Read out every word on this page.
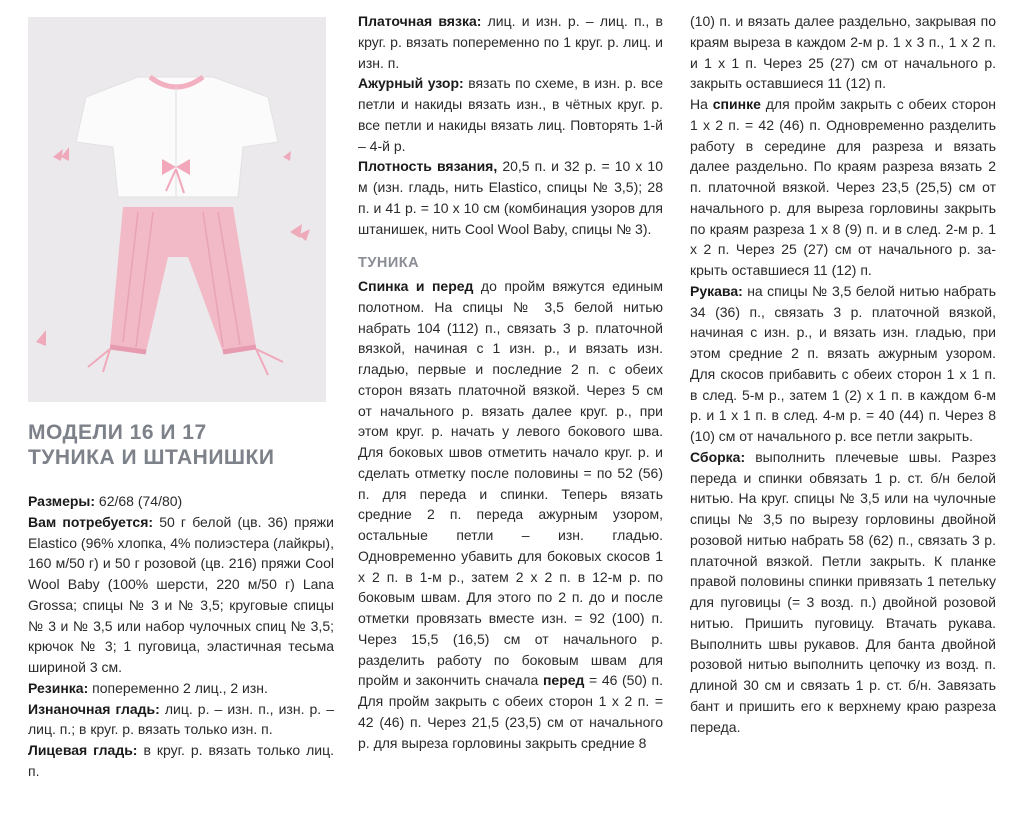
МОДЕЛИ 16 И 17
ТУНИКА И ШТАНИШКИ

Размеры: 62/68 (74/80)

Вам потребуется: 50 г белой (цв. 36) пряжи Elastico (96% хлопка, 4% полиэстера (лайкры), 160 м/50 г) и 50 г розовой (цв. 216) пряжи Cool Wool Baby (100% шерсти, 220 м/50 г) Lana Grossa; спицы № 3 и № 3,5; круговые спицы № 3 и № 3,5 или набор чулочных спиц № 3,5; крючок № 3; 1 пуговица, эластичная тесьма шириной 3 см.

Резинка: попеременно 2 лиц., 2 изн.

Изнаночная гладь: лиц. р. – изн. п., изн. р. – лиц. п.; в круг. р. вязать только изн. п.

Лицевая гладь: в круг. р. вязать только лиц. п.

Платочная вязка: лиц. и изн. р. – лиц. п., в круг. р. вязать попеременно по 1 круг. р. лиц. и изн. п.

Ажурный узор: вязать по схеме, в изн. р. все петли и накиды вязать изн., в чётных круг. р. все петли и накиды вязать лиц. Повторять 1-й – 4-й р.

Плотность вязания, 20,5 п. и 32 р. = 10 х 10 м (изн. гладь, нить Elastico, спицы № 3,5); 28 п. и 41 р. = 10 х 10 см (комбинация узоров для штанишек, нить Cool Wool Baby, спицы № 3).

ТУНИКА

Спинка и перед до пройм вяжутся единым полотном. На спицы № 3,5 белой нитью набрать 104 (112) п., связать 3 р. платочной вязкой, начиная с 1 изн. р., и вязать изн. гладью, первые и последние 2 п. с обеих сторон вязать платочной вязкой. Через 5 см от начального р. вязать далее круг. р., при этом круг. р. начать у левого бокового шва. Для боковых швов отметить начало круг. р. и сделать отметку после половины = по 52 (56) п. для переда и спинки. Теперь вязать средние 2 п. переда ажурным узором, остальные петли – изн. гладью. Одновременно убавить для боковых скосов 1 х 2 п. в 1-м р., затем 2 х 2 п. в 12-м р. по боковым швам. Для этого по 2 п. до и после отметки провязать вместе изн. = 92 (100) п. Через 15,5 (16,5) см от начального р. разделить работу по боковым швам для пройм и закончить сначала перед = 46 (50) п. Для пройм закрыть с обеих сторон 1 х 2 п. = 42 (46) п. Через 21,5 (23,5) см от начального р. для выреза горловины закрыть средние 8

(10) п. и вязать далее раздельно, закрывая по краям выреза в каждом 2-м р. 1 х 3 п., 1 х 2 п. и 1 х 1 п. Через 25 (27) см от начального р. закрыть оставшиеся 11 (12) п.

На спинке для пройм закрыть с обеих сторон 1 х 2 п. = 42 (46) п. Одновременно разделить работу в середине для разреза и вязать далее раздельно. По краям разреза вязать 2 п. платочной вязкой. Через 23,5 (25,5) см от начального р. для выреза горловины закрыть по краям разреза 1 х 8 (9) п. и в след. 2-м р. 1 х 2 п. Через 25 (27) см от начального р. закрыть оставшиеся 11 (12) п.

Рукава: на спицы № 3,5 белой нитью набрать 34 (36) п., связать 3 р. платочной вязкой, начиная с изн. р., и вязать изн. гладью, при этом средние 2 п. вязать ажурным узором. Для скосов прибавить с обеих сторон 1 х 1 п. в след. 5-м р., затем 1 (2) х 1 п. в каждом 6-м р. и 1 х 1 п. в след. 4-м р. = 40 (44) п. Через 8 (10) см от начального р. все петли закрыть.

Сборка: выполнить плечевые швы. Разрез переда и спинки обвязать 1 р. ст. б/н белой нитью. На круг. спицы № 3,5 или на чулочные спицы № 3,5 по вырезу горловины двойной розовой нитью набрать 58 (62) п., связать 3 р. платочной вязкой. Петли закрыть. К планке правой половины спинки привязать 1 петельку для пуговицы (= 3 возд. п.) двойной розовой нитью. Пришить пуговицу. Втачать рукава. Выполнить швы рукавов. Для банта двойной розовой нитью выполнить цепочку из возд. п. длиной 30 см и связать 1 р. ст. б/н. Завязать бант и пришить его к верхнему краю разреза переда.
